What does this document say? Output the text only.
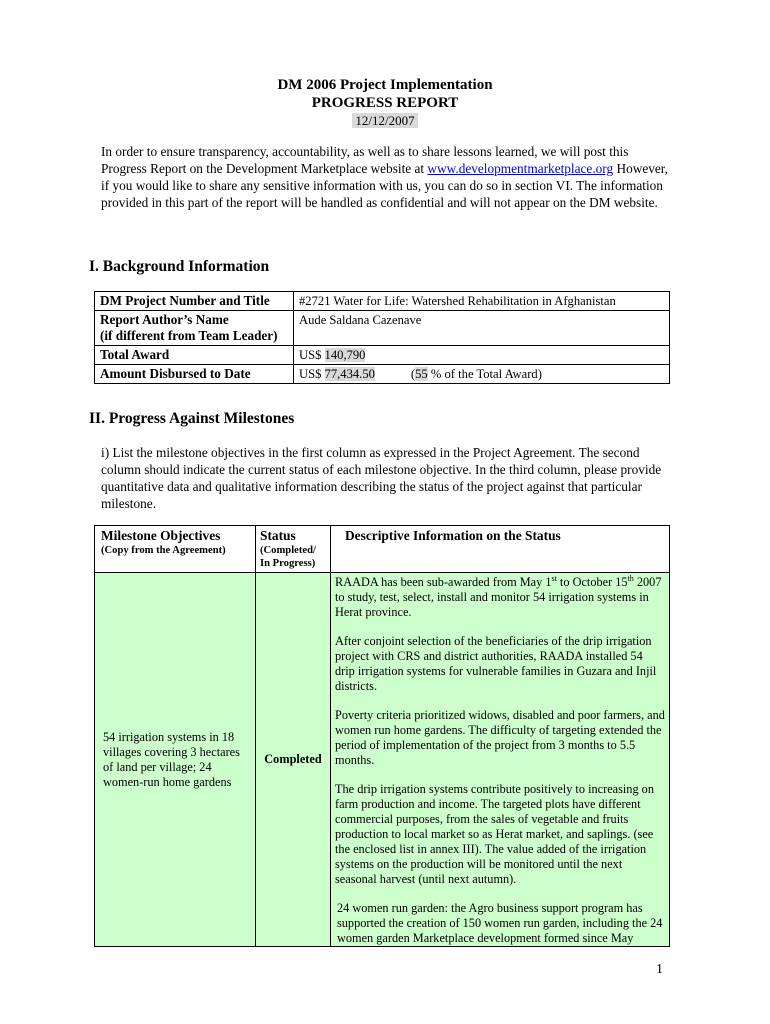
DM 2006 Project Implementation
PROGRESS REPORT
12/12/2007
In order to ensure transparency, accountability, as well as to share lessons learned, we will post this Progress Report on the Development Marketplace website at www.developmentmarketplace.org However, if you would like to share any sensitive information with us, you can do so in section VI. The information provided in this part of the report will be handled as confidential and will not appear on the DM website.
I. Background Information
DM Project Number and Title	#2721 Water for Life: Watershed Rehabilitation in Afghanistan
Report Author’s Name
(if different from Team Leader)	Aude Saldana Cazenave
Total Award	US$ 140,790
Amount Disbursed to Date	US$ 77,434.50 (55 % of the Total Award)
II. Progress Against Milestones
i) List the milestone objectives in the first column as expressed in the Project Agreement. The second column should indicate the current status of each milestone objective. In the third column, please provide quantitative data and qualitative information describing the status of the project against that particular milestone.
Milestone Objectives
(Copy from the Agreement)	Status
(Completed/
In Progress)	Descriptive Information on the Status
54 irrigation systems in 18 villages covering 3 hectares of land per village; 24 women-run home gardens	Completed	RAADA has been sub-awarded from May 1st to October 15th 2007 to study, test, select, install and monitor 54 irrigation systems in Herat province.

After conjoint selection of the beneficiaries of the drip irrigation project with CRS and district authorities, RAADA installed 54 drip irrigation systems for vulnerable families in Guzara and Injil districts.

Poverty criteria prioritized widows, disabled and poor farmers, and women run home gardens. The difficulty of targeting extended the period of implementation of the project from 3 months to 5.5 months.

The drip irrigation systems contribute positively to increasing on farm production and income. The targeted plots have different commercial purposes, from the sales of vegetable and fruits production to local market so as Herat market, and saplings. (see the enclosed list in annex III). The value added of the irrigation systems on the production will be monitored until the next seasonal harvest (until next autumn).

24 women run garden: the Agro business support program has supported the creation of 150 women run garden, including the 24 women garden Marketplace development formed since May

1
